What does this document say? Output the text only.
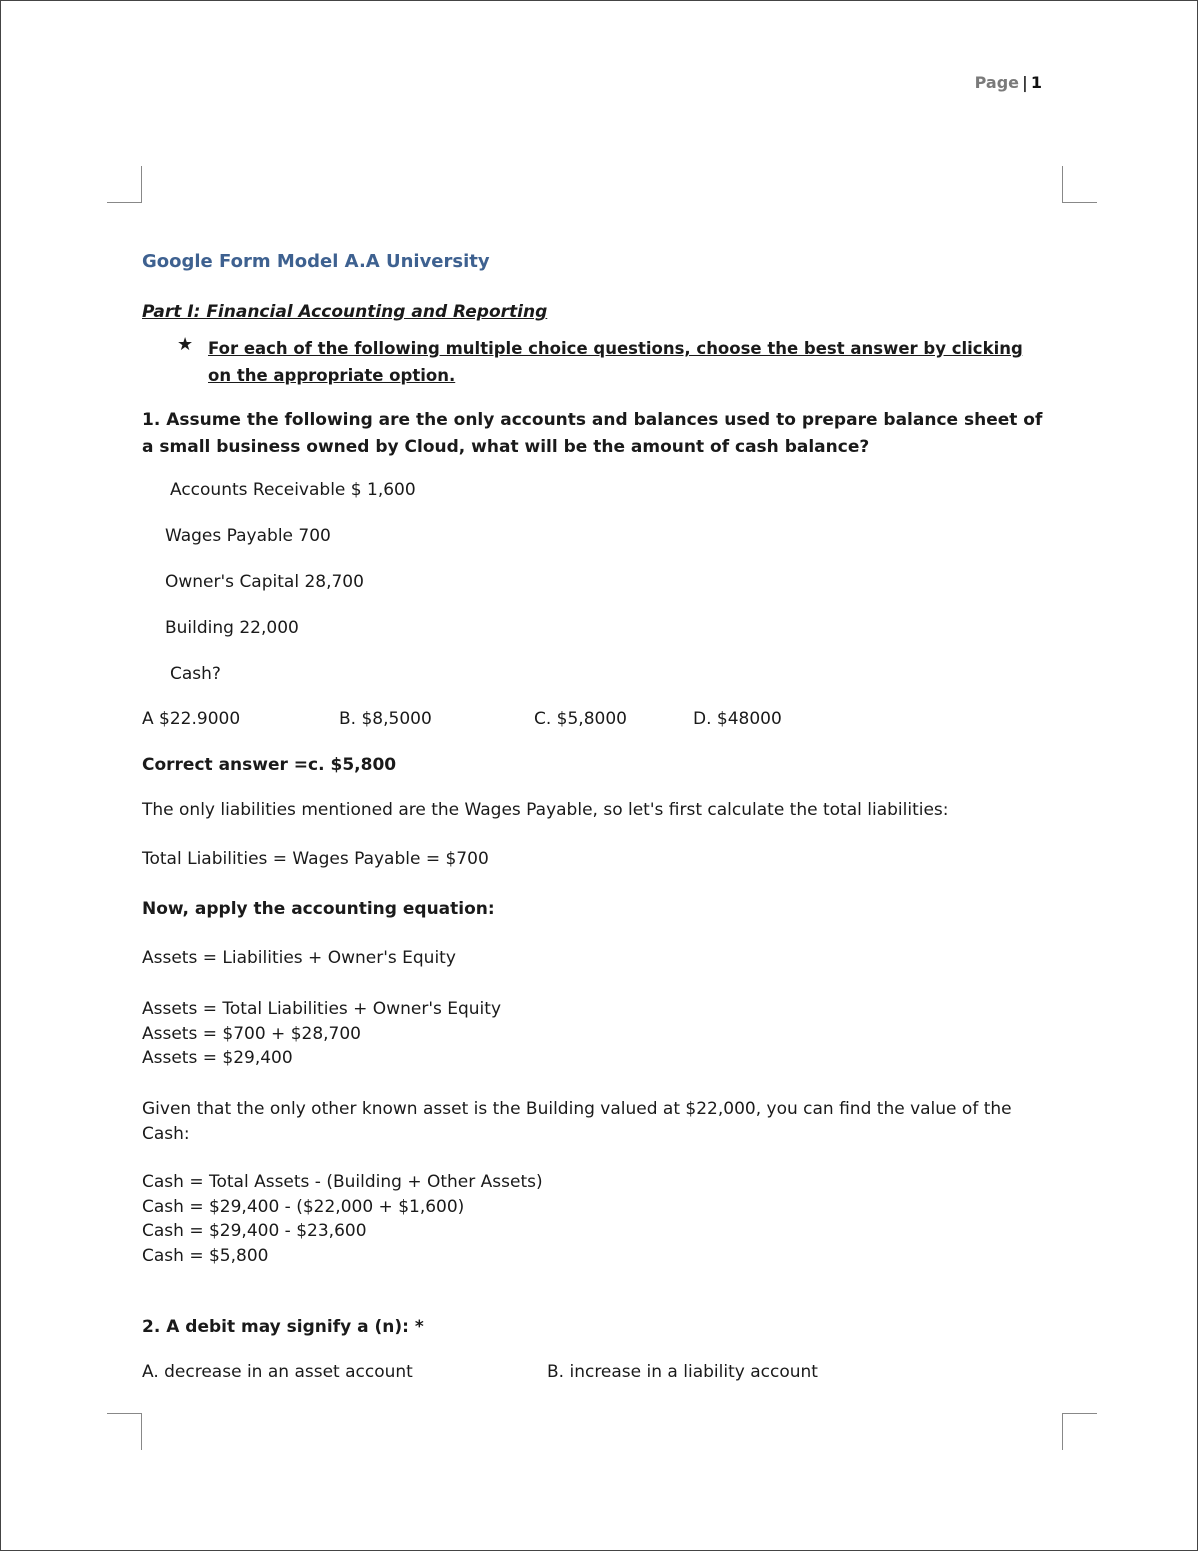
Page | 1
Google Form Model A.A University
Part I: Financial Accounting and Reporting
★ For each of the following multiple choice questions, choose the best answer by clicking on the appropriate option.
1. Assume the following are the only accounts and balances used to prepare balance sheet of a small business owned by Cloud, what will be the amount of cash balance?
Accounts Receivable $ 1,600
Wages Payable 700
Owner's Capital 28,700
Building 22,000
Cash?
A $22.9000	B. $8,5000	C. $5,8000	D. $48000
Correct answer =c. $5,800
The only liabilities mentioned are the Wages Payable, so let's first calculate the total liabilities:
Total Liabilities = Wages Payable = $700
Now, apply the accounting equation:
Assets = Liabilities + Owner's Equity
Assets = Total Liabilities + Owner's Equity
Assets = $700 + $28,700
Assets = $29,400
Given that the only other known asset is the Building valued at $22,000, you can find the value of the Cash:
Cash = Total Assets - (Building + Other Assets)
Cash = $29,400 - ($22,000 + $1,600)
Cash = $29,400 - $23,600
Cash = $5,800
2. A debit may signify a (n): *
A. decrease in an asset account	B. increase in a liability account
